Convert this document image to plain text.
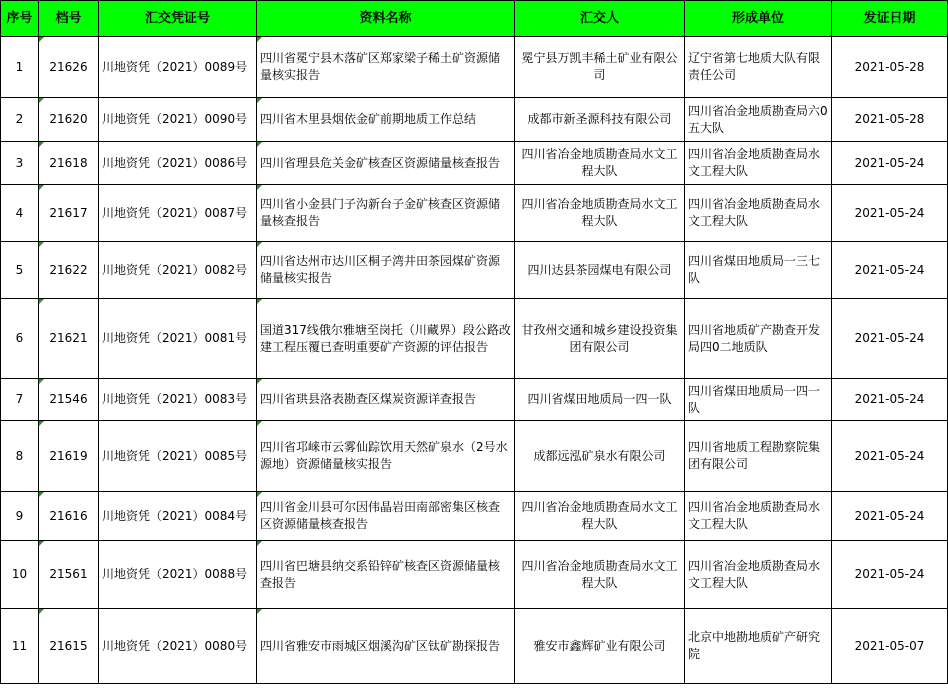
序号	档号	汇交凭证号	资料名称	汇交人	形成单位	发证日期
1	21626	川地资凭（2021）0089号	四川省冕宁县木落矿区郑家梁子稀土矿资源储量核实报告	冕宁县万凯丰稀土矿业有限公司	辽宁省第七地质大队有限责任公司	2021-05-28
2	21620	川地资凭（2021）0090号	四川省木里县烟依金矿前期地质工作总结	成都市新圣源科技有限公司	四川省冶金地质勘查局六0五大队	2021-05-28
3	21618	川地资凭（2021）0086号	四川省理县危关金矿核查区资源储量核查报告	四川省冶金地质勘查局水文工程大队	四川省冶金地质勘查局水文工程大队	2021-05-24
4	21617	川地资凭（2021）0087号	四川省小金县门子沟新台子金矿核查区资源储量核查报告	四川省冶金地质勘查局水文工程大队	四川省冶金地质勘查局水文工程大队	2021-05-24
5	21622	川地资凭（2021）0082号	四川省达州市达川区桐子湾井田茶园煤矿资源储量核实报告	四川达县茶园煤电有限公司	四川省煤田地质局一三七队	2021-05-24
6	21621	川地资凭（2021）0081号	国道317线俄尔雅塘至岗托（川藏界）段公路改建工程压覆已查明重要矿产资源的评估报告	甘孜州交通和城乡建设投资集团有限公司	四川省地质矿产勘查开发局四0二地质队	2021-05-24
7	21546	川地资凭（2021）0083号	四川省珙县洛表勘查区煤炭资源详查报告	四川省煤田地质局一四一队	四川省煤田地质局一四一队	2021-05-24
8	21619	川地资凭（2021）0085号	四川省邛崃市云雾仙踪饮用天然矿泉水（2号水源地）资源储量核实报告	成都远泓矿泉水有限公司	四川省地质工程勘察院集团有限公司	2021-05-24
9	21616	川地资凭（2021）0084号	四川省金川县可尔因伟晶岩田南部密集区核查区资源储量核查报告	四川省冶金地质勘查局水文工程大队	四川省冶金地质勘查局水文工程大队	2021-05-24
10	21561	川地资凭（2021）0088号	四川省巴塘县纳交系铅锌矿核查区资源储量核查报告	四川省冶金地质勘查局水文工程大队	四川省冶金地质勘查局水文工程大队	2021-05-24
11	21615	川地资凭（2021）0080号	四川省雅安市雨城区烟溪沟矿区钛矿勘探报告	雅安市鑫辉矿业有限公司	北京中地勘地质矿产研究院	2021-05-07
